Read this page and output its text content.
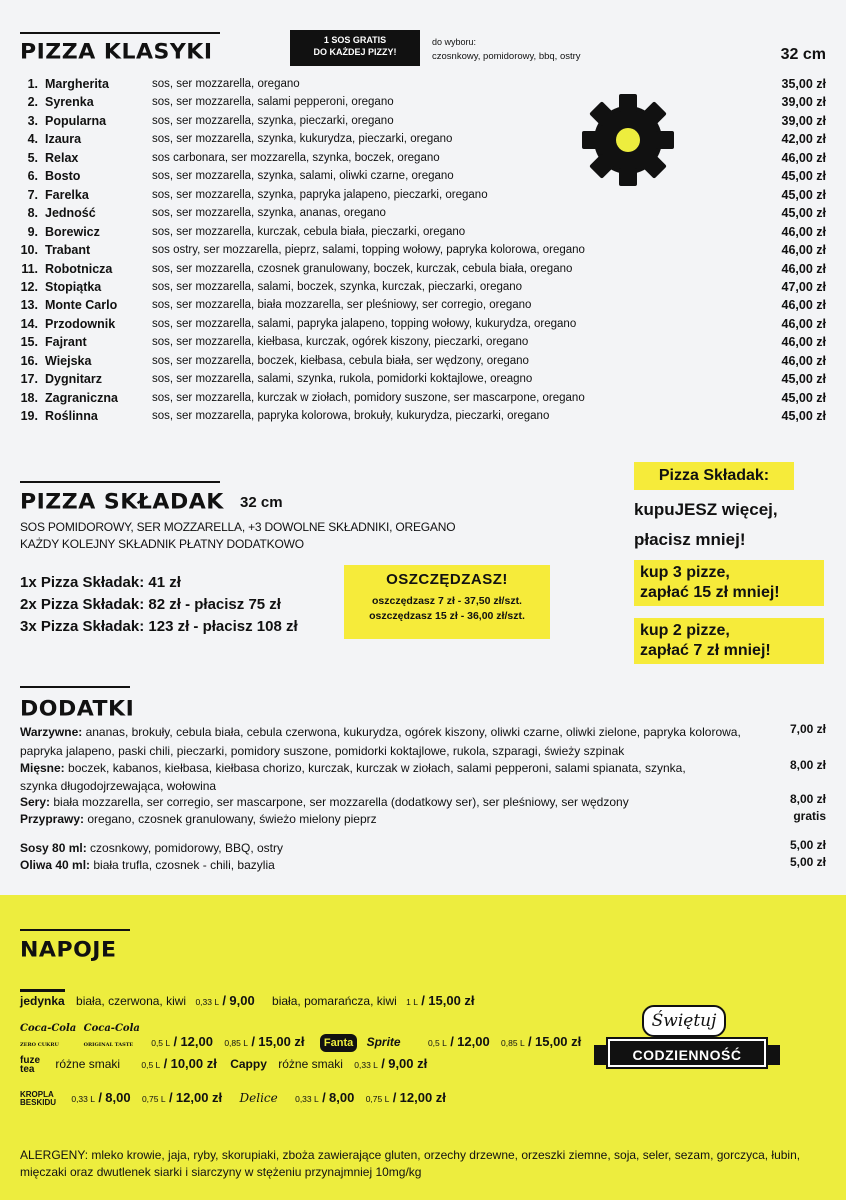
PIZZA KLASYKI
1 SOS GRATIS
DO KAŻDEJ PIZZY!
do wyboru:
czosnkowy, pomidorowy, bbq, ostry	32 cm
1. Margherita	sos, ser mozzarella, oregano	35,00 zł
2. Syrenka	sos, ser mozzarella, salami pepperoni, oregano	39,00 zł
3. Popularna	sos, ser mozzarella, szynka, pieczarki, oregano	39,00 zł
4. Izaura	sos, ser mozzarella, szynka, kukurydza, pieczarki, oregano	42,00 zł
5. Relax	sos carbonara, ser mozzarella, szynka, boczek, oregano	46,00 zł
6. Bosto	sos, ser mozzarella, szynka, salami, oliwki czarne, oregano	45,00 zł
7. Farelka	sos, ser mozzarella, szynka, papryka jalapeno, pieczarki, oregano	45,00 zł
8. Jedność	sos, ser mozzarella, szynka, ananas, oregano	45,00 zł
9. Borewicz	sos, ser mozzarella, kurczak, cebula biała, pieczarki, oregano	46,00 zł
10. Trabant	sos ostry, ser mozzarella, pieprz, salami, topping wołowy, papryka kolorowa, oregano	46,00 zł
11. Robotnicza	sos, ser mozzarella, czosnek granulowany, boczek, kurczak, cebula biała, oregano	46,00 zł
12. Stopiątka	sos, ser mozzarella, salami, boczek, szynka, kurczak, pieczarki, oregano	47,00 zł
13. Monte Carlo	sos, ser mozzarella, biała mozzarella, ser pleśniowy, ser corregio, oregano	46,00 zł
14. Przodownik	sos, ser mozzarella, salami, papryka jalapeno, topping wołowy, kukurydza, oregano	46,00 zł
15. Fajrant	sos, ser mozzarella, kiełbasa, kurczak, ogórek kiszony, pieczarki, oregano	46,00 zł
16. Wiejska	sos, ser mozzarella, boczek, kiełbasa, cebula biała, ser wędzony, oregano	46,00 zł
17. Dygnitarz	sos, ser mozzarella, salami, szynka, rukola, pomidorki koktajlowe, oreagno	45,00 zł
18. Zagraniczna	sos, ser mozzarella, kurczak w ziołach, pomidory suszone, ser mascarpone, oregano	45,00 zł
19. Roślinna	sos, ser mozzarella, papryka kolorowa, brokuły, kukurydza, pieczarki, oregano	45,00 zł
PIZZA SKŁADAK 32 cm
SOS POMIDOROWY, SER MOZZARELLA, +3 DOWOLNE SKŁADNIKI, OREGANO
KAŻDY KOLEJNY SKŁADNIK PŁATNY DODATKOWO
1x Pizza Składak: 41 zł
2x Pizza Składak: 82 zł - płacisz 75 zł
3x Pizza Składak: 123 zł - płacisz 108 zł
OSZCZĘDZASZ!
oszczędzasz 7 zł - 37,50 zł/szt.
oszczędzasz 15 zł - 36,00 zł/szt.
Pizza Składak:
kupuJESZ więcej,
płacisz mniej!
kup 3 pizze,
zapłać 15 zł mniej!
kup 2 pizze,
zapłać 7 zł mniej!
DODATKI
Warzywne: ananas, brokuły, cebula biała, cebula czerwona, kukurydza, ogórek kiszony, oliwki czarne, oliwki zielone, papryka kolorowa,	7,00 zł
papryka jalapeno, paski chili, pieczarki, pomidory suszone, pomidorki koktajlowe, rukola, szparagi, świeży szpinak
Mięsne: boczek, kabanos, kiełbasa, kiełbasa chorizo, kurczak, kurczak w ziołach, salami pepperoni, salami spianata, szynka,	8,00 zł
szynka długodojrzewająca, wołowina
Sery: biała mozzarella, ser corregio, ser mascarpone, ser mozzarella (dodatkowy ser), ser pleśniowy, ser wędzony	8,00 zł
Przyprawy: oregano, czosnek granulowany, świeżo mielony pieprz	gratis
Sosy 80 ml: czosnkowy, pomidorowy, BBQ, ostry	5,00 zł
Oliwa 40 ml: biała trufla, czosnek - chili, bazylia	5,00 zł
NAPOJE
jedynka biała, czerwona, kiwi 0,33 L / 9,00 biała, pomarańcza, kiwi 1 L / 15,00 zł
Coca-Cola
ZERO CUKRU
Coca-Cola
ORIGINAL TASTE	0,5 L / 12,00 0,85 L / 15,00 zł Fanta Sprite	0,5 L / 12,00 0,85 L / 15,00 zł
fuze tea różne smaki	0,5 L / 10,00 zł Cappy różne smaki 0,33 L / 9,00 zł
KROPLA BESKIDU 0,33 L / 8,00 0,75 L / 12,00 zł Delice 0,33 L / 8,00 0,75 L / 12,00 zł
Świętuj
CODZIENNOŚĆ
ALERGENY: mleko krowie, jaja, ryby, skorupiaki, zboża zawierające gluten, orzechy drzewne, orzeszki ziemne, soja, seler, sezam, gorczyca, łubin, mięczaki oraz dwutlenek siarki i siarczyny w stężeniu przynajmniej 10mg/kg
